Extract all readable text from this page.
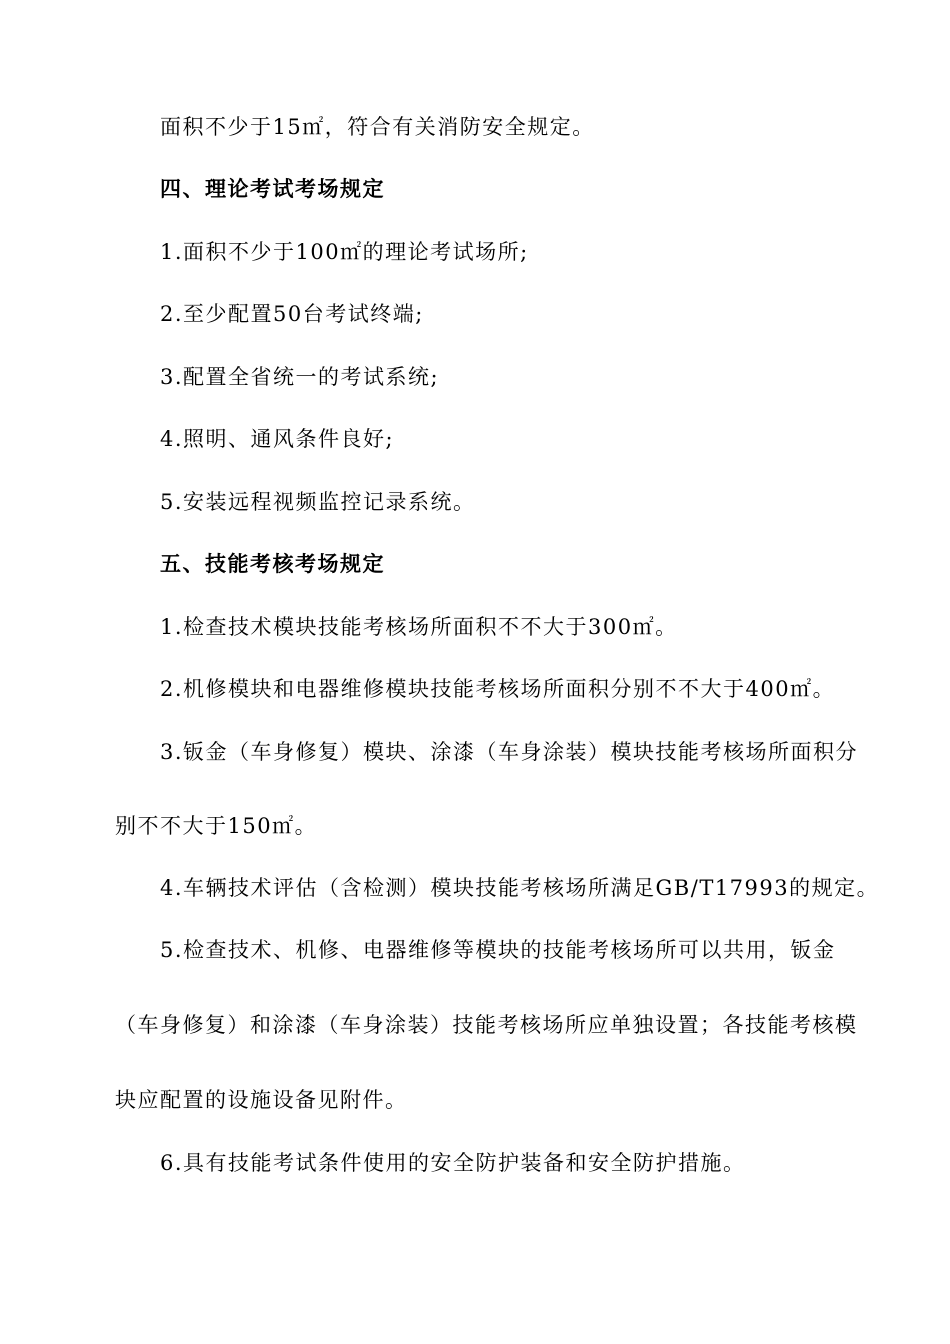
面积不少于15㎡，符合有关消防安全规定。
四、理论考试考场规定
1.面积不少于100㎡的理论考试场所;
2.至少配置50台考试终端;
3.配置全省统一的考试系统;
4.照明、通风条件良好;
5.安装远程视频监控记录系统。
五、技能考核考场规定
1.检查技术模块技能考核场所面积不不大于300㎡。
2.机修模块和电器维修模块技能考核场所面积分别不不大于400㎡。
3.钣金（车身修复）模块、涂漆（车身涂装）模块技能考核场所面积分
别不不大于150㎡。
4.车辆技术评估（含检测）模块技能考核场所满足GB/T17993的规定。
5.检查技术、机修、电器维修等模块的技能考核场所可以共用，钣金
（车身修复）和涂漆（车身涂装）技能考核场所应单独设置；各技能考核模
块应配置的设施设备见附件。
6.具有技能考试条件使用的安全防护装备和安全防护措施。
